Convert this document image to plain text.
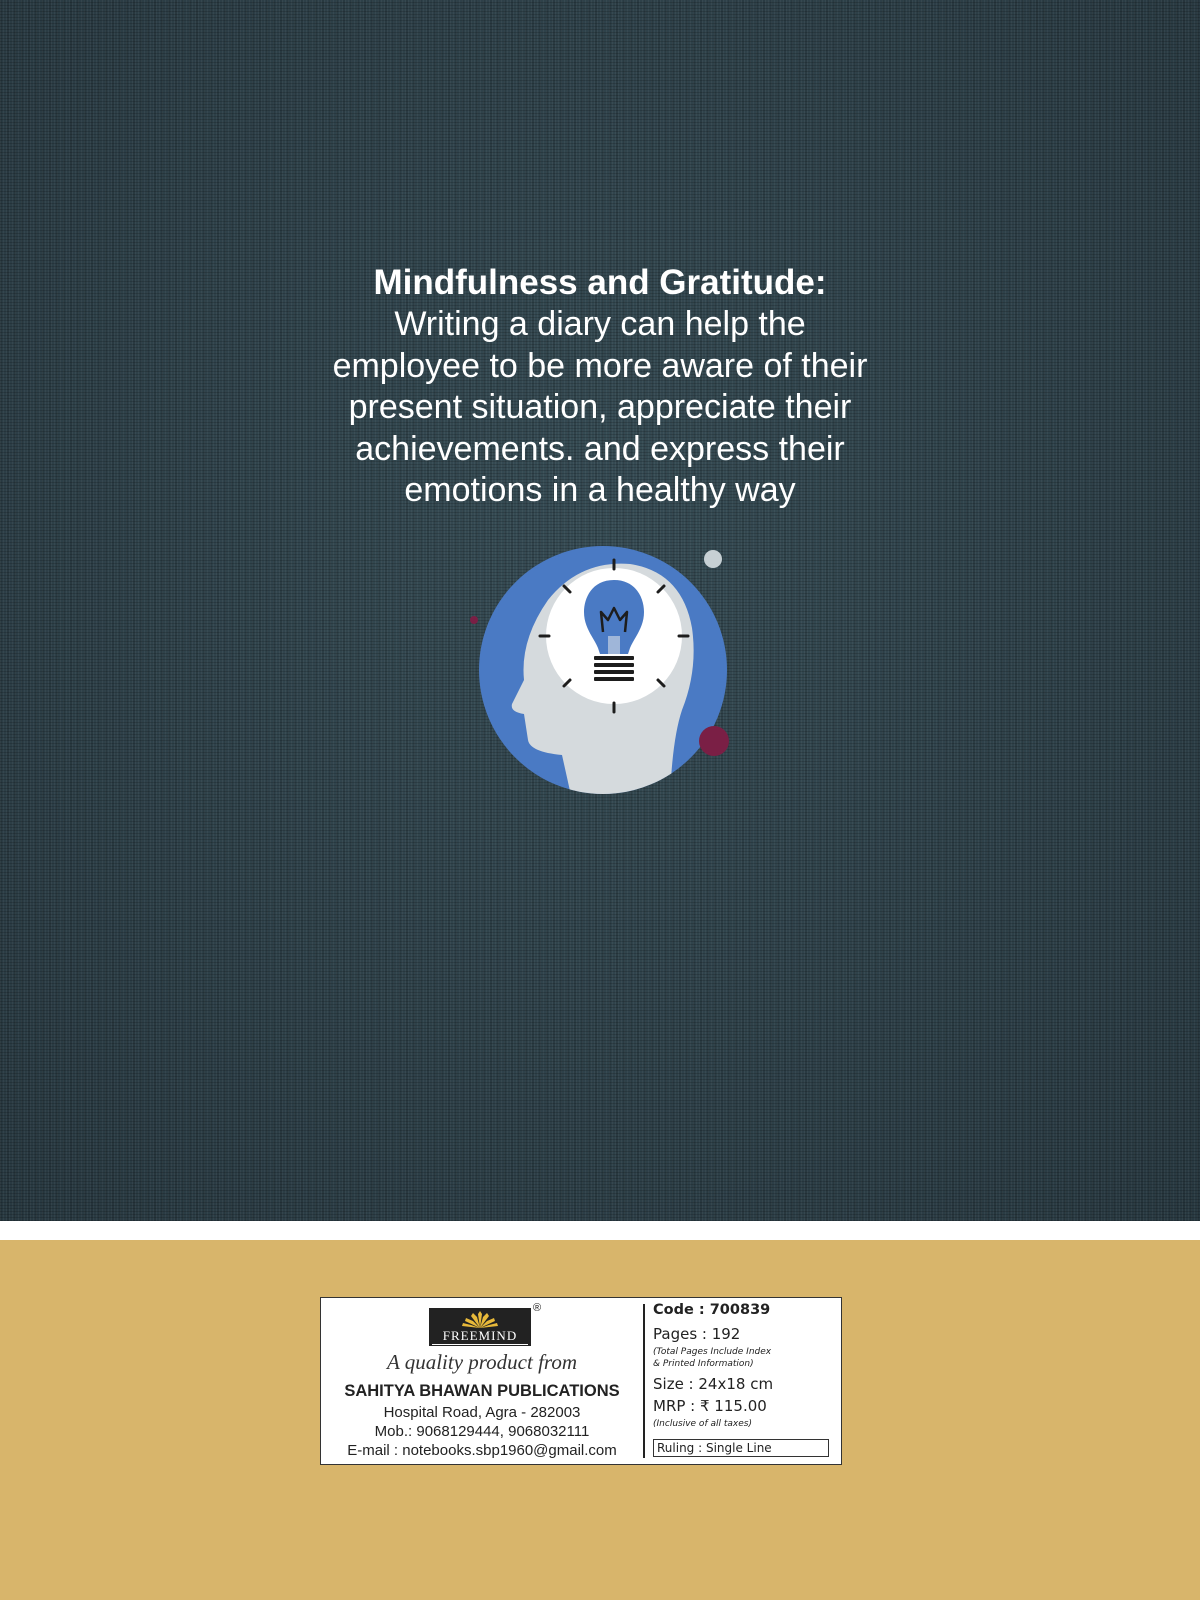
Mindfulness and Gratitude:
Writing a diary can help the
employee to be more aware of their
present situation, appreciate their
achievements. and express their
emotions in a healthy way
FREEMIND
®
A quality product from
SAHITYA BHAWAN PUBLICATIONS
Hospital Road, Agra - 282003
Mob.: 9068129444, 9068032111
E-mail : notebooks.sbp1960@gmail.com
Code : 700839
Pages : 192
(Total Pages Include Index
& Printed Information)
Size : 24x18 cm
MRP : ₹ 115.00
(Inclusive of all taxes)
Ruling : Single Line
